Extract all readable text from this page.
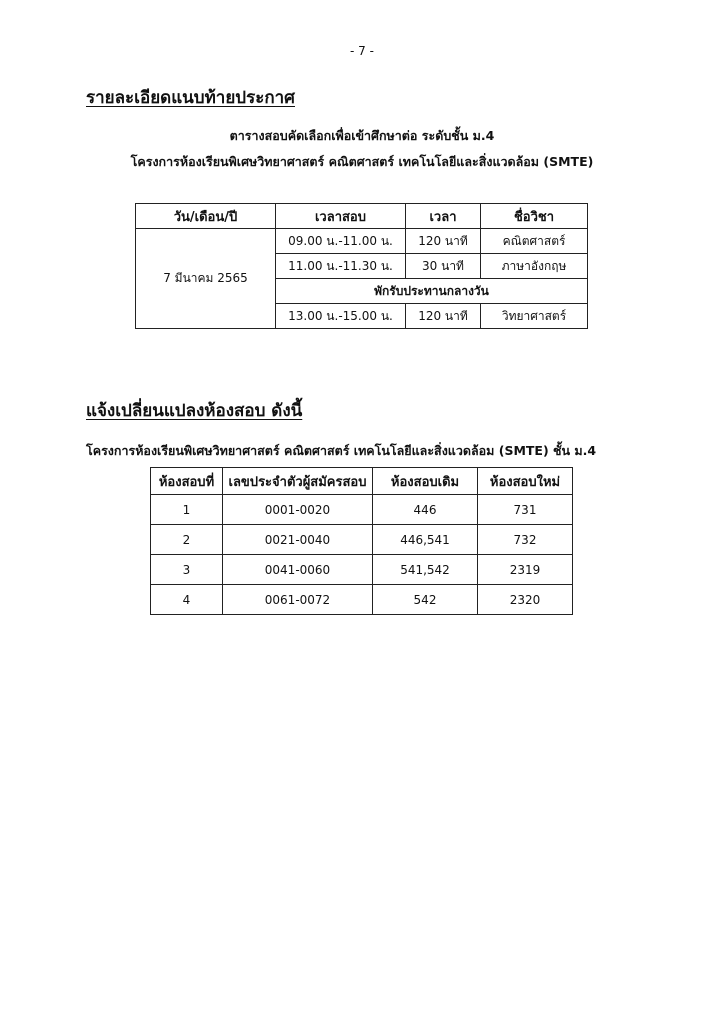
- 7 -
รายละเอียดแนบท้ายประกาศ
ตารางสอบคัดเลือกเพื่อเข้าศึกษาต่อ ระดับชั้น ม.4
โครงการห้องเรียนพิเศษวิทยาศาสตร์ คณิตศาสตร์ เทคโนโลยีและสิ่งแวดล้อม (SMTE)
วัน/เดือน/ปี	เวลาสอบ	เวลา	ชื่อวิชา
7 มีนาคม 2565	09.00 น.-11.00 น.	120 นาที	คณิตศาสตร์
	11.00 น.-11.30 น.	30 นาที	ภาษาอังกฤษ
	พักรับประทานกลางวัน		
	13.00 น.-15.00 น.	120 นาที	วิทยาศาสตร์
แจ้งเปลี่ยนแปลงห้องสอบ ดังนี้
โครงการห้องเรียนพิเศษวิทยาศาสตร์ คณิตศาสตร์ เทคโนโลยีและสิ่งแวดล้อม (SMTE) ชั้น ม.4
ห้องสอบที่	เลขประจำตัวผู้สมัครสอบ	ห้องสอบเดิม	ห้องสอบใหม่
1	0001-0020	446	731
2	0021-0040	446,541	732
3	0041-0060	541,542	2319
4	0061-0072	542	2320
